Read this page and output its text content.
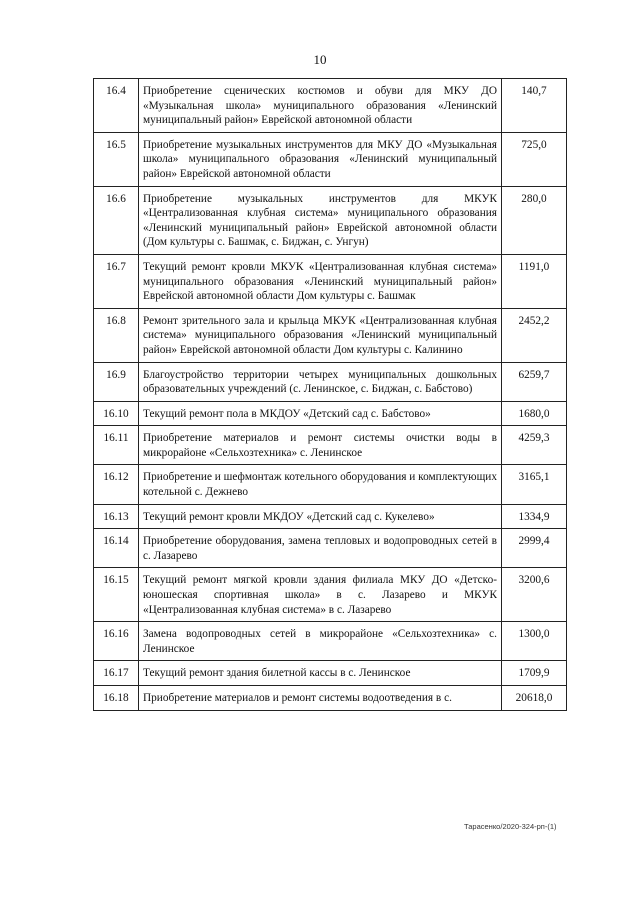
10
16.4	Приобретение сценических костюмов и обуви для МКУ ДО «Музыкальная школа» муниципального образования «Ленинский муниципальный район» Еврейской автономной области	140,7
16.5	Приобретение музыкальных инструментов для МКУ ДО «Музыкальная школа» муниципального образования «Ленинский муниципальный район» Еврейской автономной области	725,0
16.6	Приобретение музыкальных инструментов для МКУК «Централизованная клубная система» муниципального образования «Ленинский муниципальный район» Еврейской автономной области (Дом культуры с. Башмак, с. Биджан, с. Унгун)	280,0
16.7	Текущий ремонт кровли МКУК «Централизованная клубная система» муниципального образования «Ленинский муниципальный район» Еврейской автономной области Дом культуры с. Башмак	1191,0
16.8	Ремонт зрительного зала и крыльца МКУК «Централизованная клубная система» муниципального образования «Ленинский муниципальный район» Еврейской автономной области Дом культуры с. Калинино	2452,2
16.9	Благоустройство территории четырех муниципальных дошкольных образовательных учреждений (с. Ленинское, с. Биджан, с. Бабстово)	6259,7
16.10	Текущий ремонт пола в МКДОУ «Детский сад с. Бабстово»	1680,0
16.11	Приобретение материалов и ремонт системы очистки воды в микрорайоне «Сельхозтехника» с. Ленинское	4259,3
16.12	Приобретение и шефмонтаж котельного оборудования и комплектующих котельной с. Дежнево	3165,1
16.13	Текущий ремонт кровли МКДОУ «Детский сад с. Кукелево»	1334,9
16.14	Приобретение оборудования, замена тепловых и водопроводных сетей в с. Лазарево	2999,4
16.15	Текущий ремонт мягкой кровли здания филиала МКУ ДО «Детско-юношеская спортивная школа» в с. Лазарево и МКУК «Централизованная клубная система» в с. Лазарево	3200,6
16.16	Замена водопроводных сетей в микрорайоне «Сельхозтехника» с. Ленинское	1300,0
16.17	Текущий ремонт здания билетной кассы в с. Ленинское	1709,9
16.18	Приобретение материалов и ремонт системы водоотведения в с.	20618,0
Тарасенко/2020-324-рп-(1)
